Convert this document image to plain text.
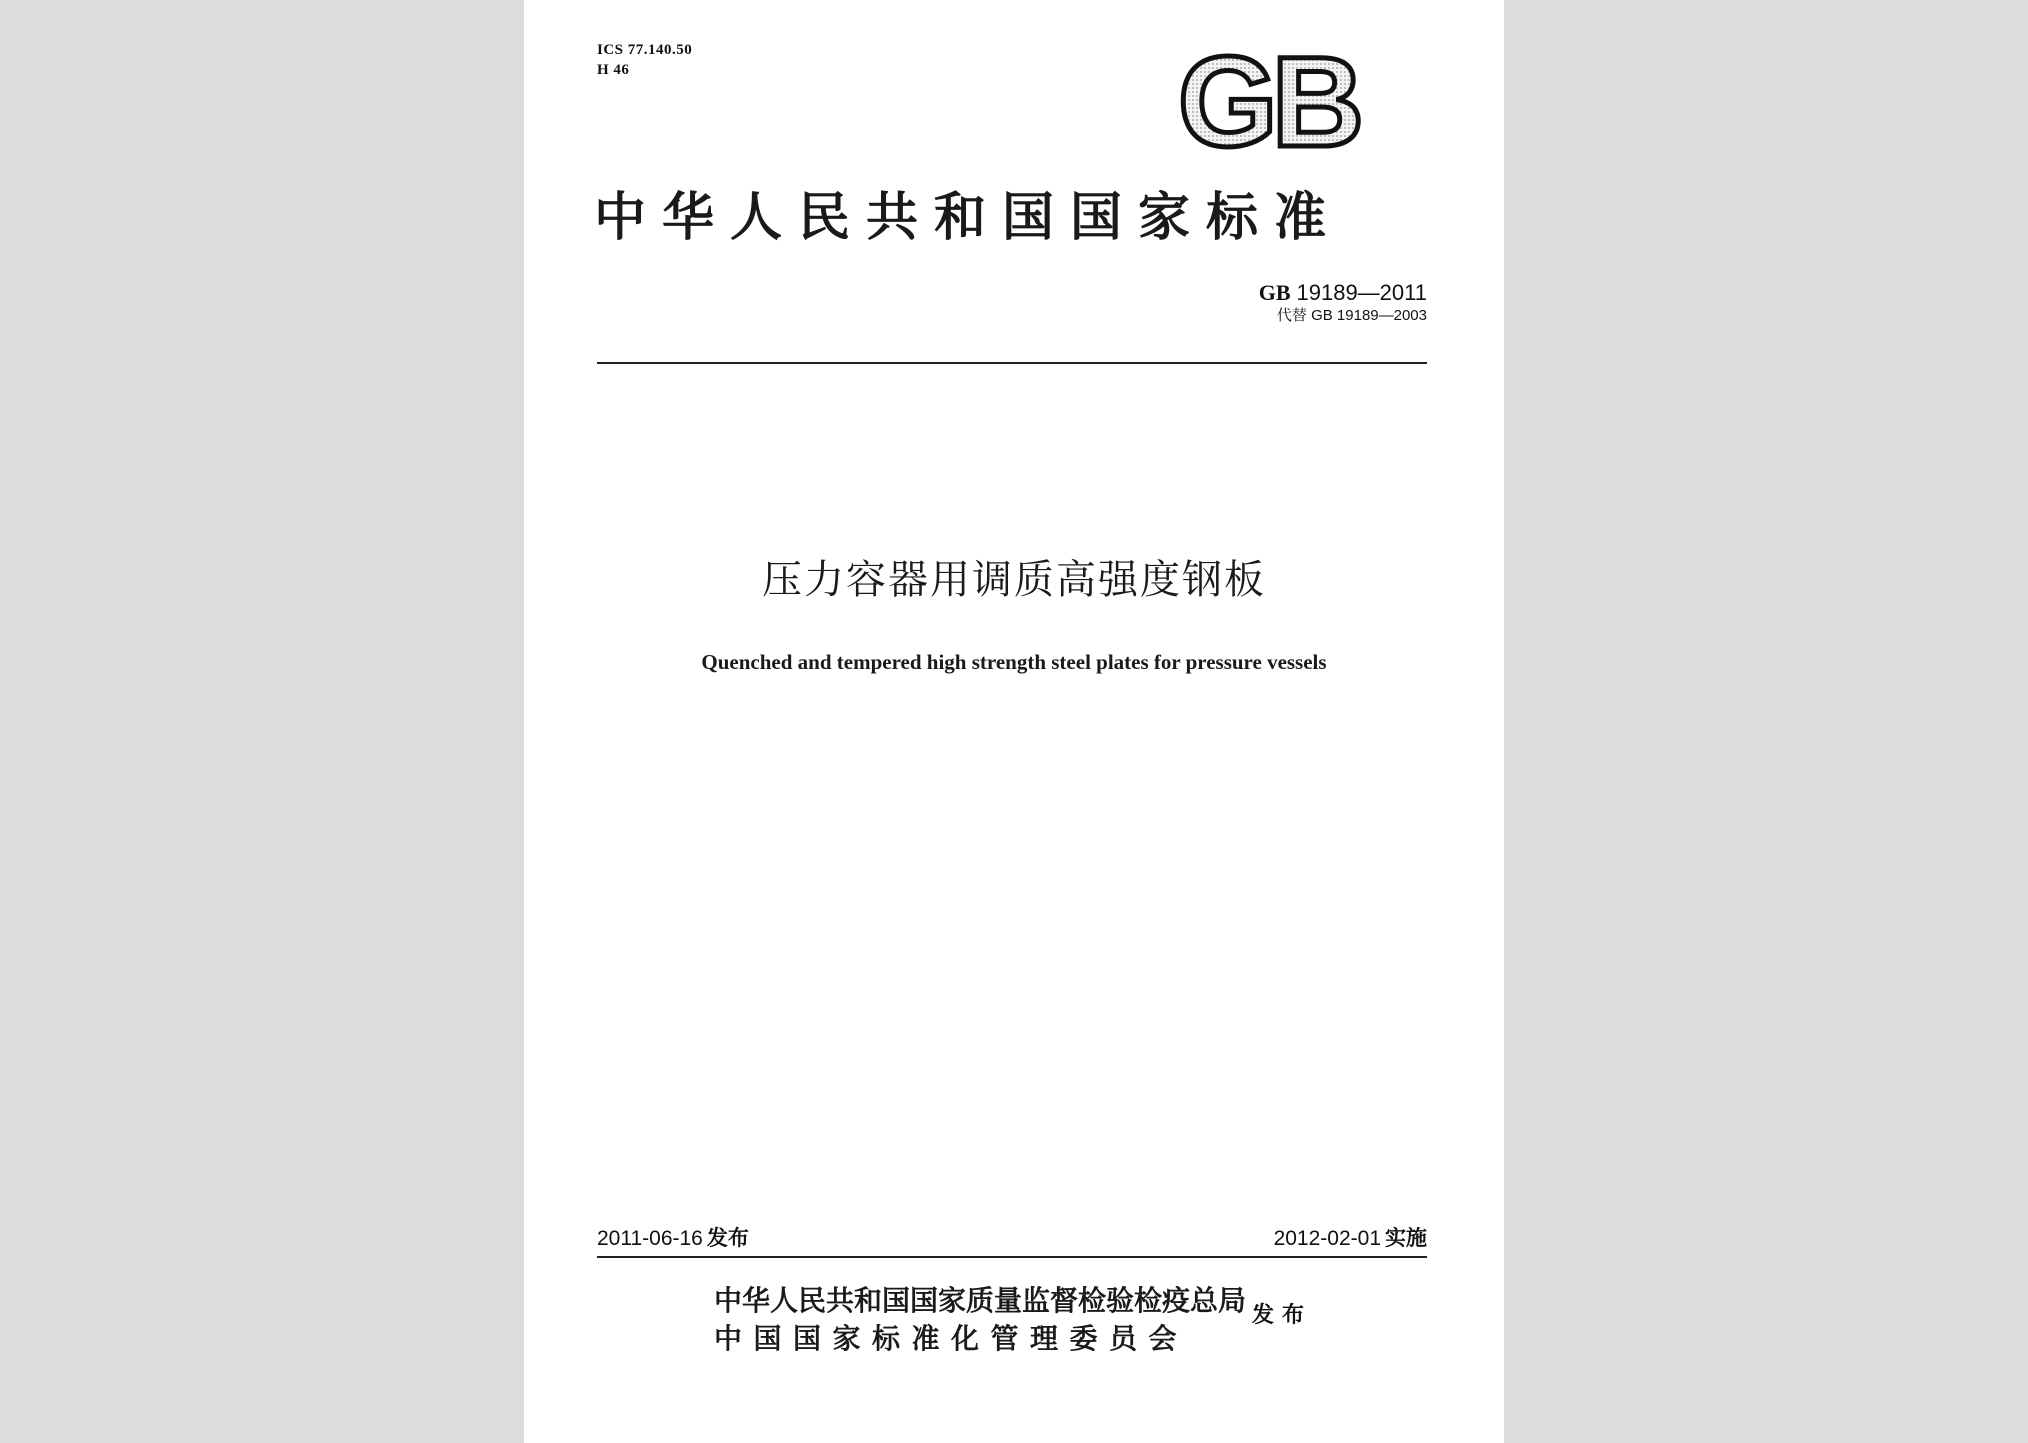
ICS 77.140.50
H 46	GB
中华人民共和国国家标准
GB 19189—2011
代替 GB 19189—2003
压力容器用调质高强度钢板
Quenched and tempered high strength steel plates for pressure vessels
2011-06-16 发布	2012-02-01 实施
中华人民共和国国家质量监督检验检疫总局
中国国家标准化管理委员会
发布
